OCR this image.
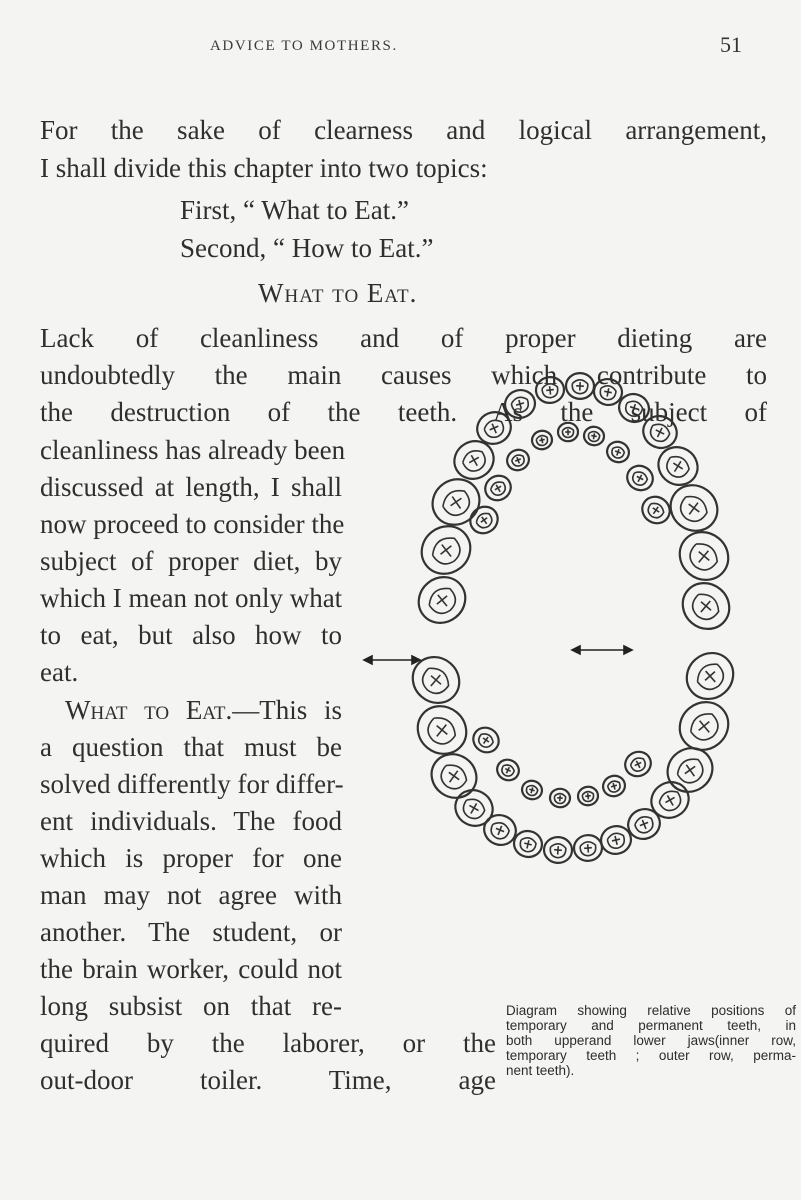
ADVICE TO MOTHERS.	51
For the sake of clearness and logical arrangement,
I shall divide this chapter into two topics:
First, “ What to Eat.”
Second, “ How to Eat.”
What to Eat.
Lack of cleanliness and of proper dieting are
undoubtedly the main causes which contribute to
the destruction of the teeth. As the subject of
cleanliness has already been
discussed at length, I shall
now proceed to consider the
subject of proper diet, by
which I mean not only what
to eat, but also how to
eat.
What to Eat.—This is
a question that must be
solved differently for differ-
ent individuals. The food
which is proper for one
man may not agree with
another. The student, or
the brain worker, could not
long subsist on that re-
quired by the laborer, or the
out-door toiler. Time, age
Diagram showing relative positions of
temporary and permanent teeth, in
both upperand lower jaws(inner row,
temporary teeth ; outer row, perma-
nent teeth).
